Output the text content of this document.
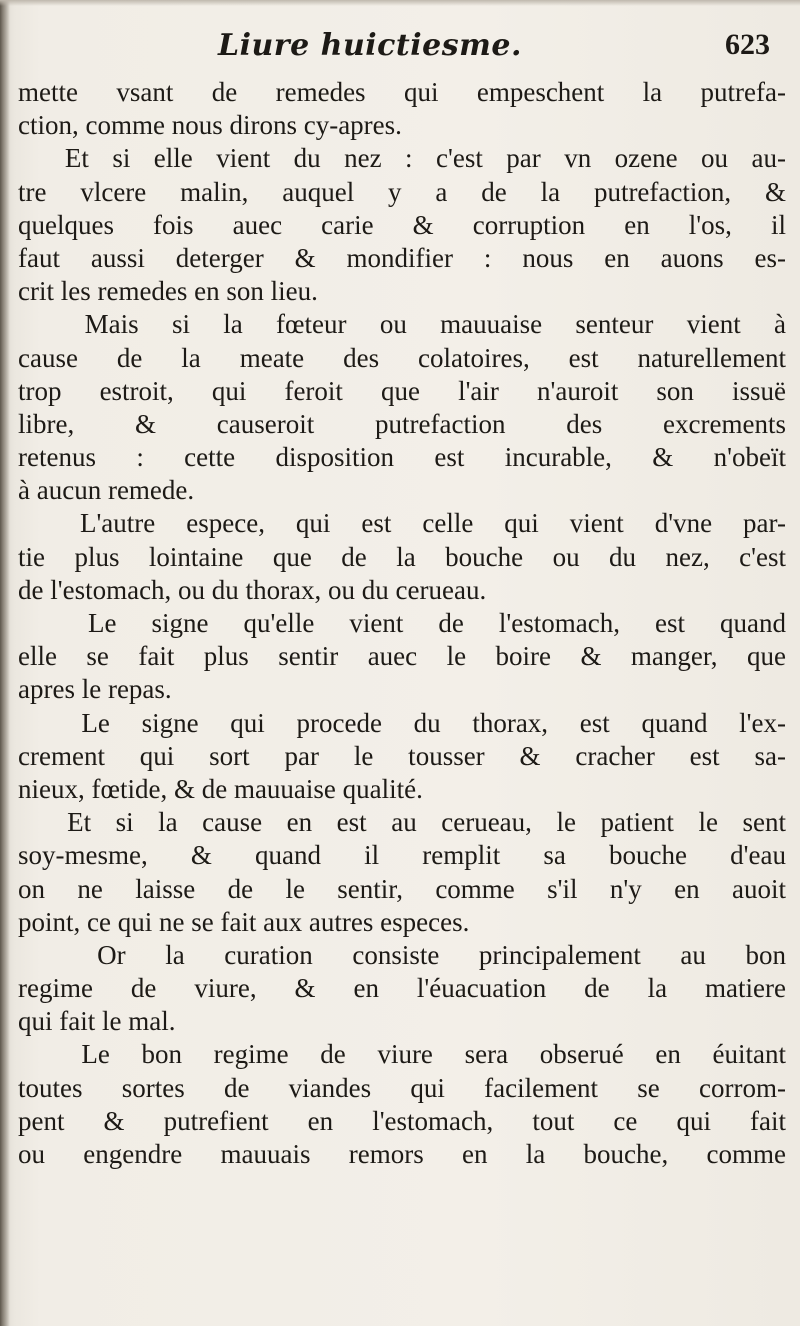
Liure huictiesme.	623
mette vsant de remedes qui empeschent la putrefa-
ction, comme nous dirons cy-apres.
Et si elle vient du nez : c'est par vn ozene ou au-
tre vlcere malin, auquel y a de la putrefaction, &
quelques fois auec carie & corruption en l'os, il
faut aussi deterger & mondifier : nous en auons es-
crit les remedes en son lieu.
Mais si la fœteur ou mauuaise senteur vient à
cause de la meate des colatoires, est naturellement
trop estroit, qui feroit que l'air n'auroit son issuë
libre, & causeroit putrefaction des excrements
retenus : cette disposition est incurable, & n'obeït
à aucun remede.
L'autre espece, qui est celle qui vient d'vne par-
tie plus lointaine que de la bouche ou du nez, c'est
de l'estomach, ou du thorax, ou du cerueau.
Le signe qu'elle vient de l'estomach, est quand
elle se fait plus sentir auec le boire & manger, que
apres le repas.
Le signe qui procede du thorax, est quand l'ex-
crement qui sort par le tousser & cracher est sa-
nieux, fœtide, & de mauuaise qualité.
Et si la cause en est au cerueau, le patient le sent
soy-mesme, & quand il remplit sa bouche d'eau
on ne laisse de le sentir, comme s'il n'y en auoit
point, ce qui ne se fait aux autres especes.
Or la curation consiste principalement au bon
regime de viure, & en l'éuacuation de la matiere
qui fait le mal.
Le bon regime de viure sera obserué en éuitant
toutes sortes de viandes qui facilement se corrom-
pent & putrefient en l'estomach, tout ce qui fait
ou engendre mauuais remors en la bouche, comme
